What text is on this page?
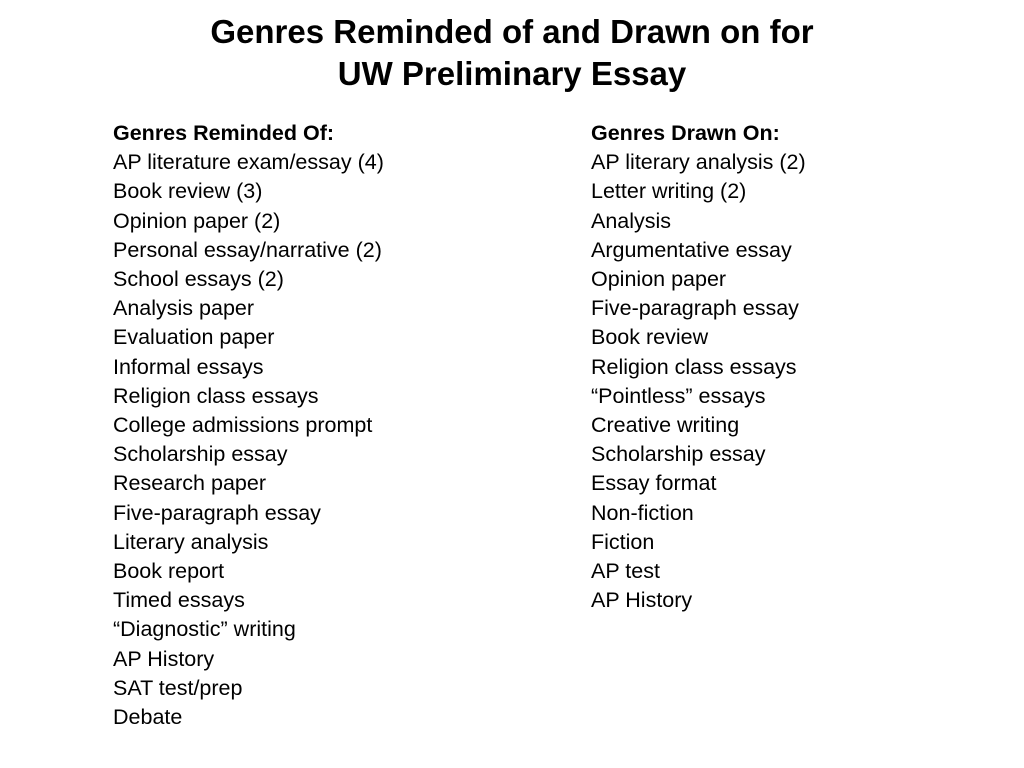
Genres Reminded of and Drawn on for
UW Preliminary Essay
Genres Reminded Of:
AP literature exam/essay (4)
Book review (3)
Opinion paper (2)
Personal essay/narrative (2)
School essays (2)
Analysis paper
Evaluation paper
Informal essays
Religion class essays
College admissions prompt
Scholarship essay
Research paper
Five-paragraph essay
Literary analysis
Book report
Timed essays
“Diagnostic” writing
AP History
SAT test/prep
Debate
Genres Drawn On:
AP literary analysis (2)
Letter writing (2)
Analysis
Argumentative essay
Opinion paper
Five-paragraph essay
Book review
Religion class essays
“Pointless” essays
Creative writing
Scholarship essay
Essay format
Non-fiction
Fiction
AP test
AP History
